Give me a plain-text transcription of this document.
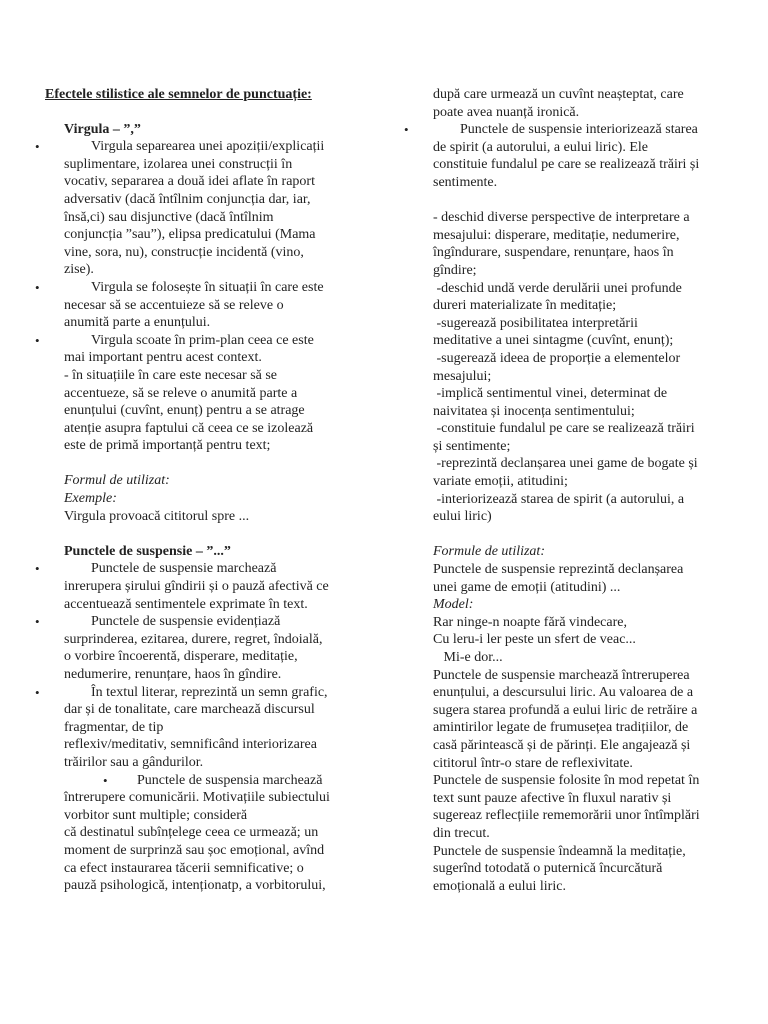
Efectele stilistice ale semnelor de punctuație:

Virgula – ”,”

• Virgula separearea unei apoziții/explicații
suplimentare, izolarea unei construcții în
vocativ, separarea a două idei aflate în raport
adversativ (dacă întîlnim conjuncția dar, iar,
însă,ci) sau disjunctive (dacă întîlnim
conjuncția ”sau”), elipsa predicatului (Mama
vine, sora, nu), construcție incidentă (vino,
zise).
• Virgula se folosește în situații în care este
necesar să se accentuieze să se releve o
anumită parte a enunțului.
• Virgula scoate în prim-plan ceea ce este
mai important pentru acest context.
- în situațiile în care este necesar să se
accentueze, să se releve o anumită parte a
enunțului (cuvînt, enunț) pentru a se atrage
atenție asupra faptului că ceea ce se izolează
este de primă importanță pentru text;

Formul de utilizat:

Exemple:

Virgula provoacă cititorul spre ...

Punctele de suspensie – ”...”

• Punctele de suspensie marchează
inrerupera șirului gîndirii și o pauză afectivă ce
accentuează sentimentele exprimate în text.
• Punctele de suspensie evidențiază
surprinderea, ezitarea, durere, regret, îndoială,
o vorbire încoerentă, disperare, meditație,
nedumerire, renunțare, haos în gîndire.
• În textul literar, reprezintă un semn grafic,
dar și de tonalitate, care marchează discursul
fragmentar, de tip
reflexiv/meditativ, semnificând interiorizarea
trăirilor sau a gândurilor.
• Punctele de suspensia marchează
întrerupere comunicării. Motivațiile subiectului
vorbitor sunt multiple; consideră
că destinatul subînțelege ceea ce urmează; un
moment de surprinză sau șoc emoțional, avînd
ca efect instaurarea tăcerii semnificative; o
pauză psihologică, intenționatp, a vorbitorului,
după care urmează un cuvînt neașteptat, care
poate avea nuanță ironică.
• Punctele de suspensie interiorizează starea
de spirit (a autorului, a eului liric). Ele
constituie fundalul pe care se realizează trăiri și
sentimente.
- deschid diverse perspective de interpretare a
mesajului: disperare, meditație, nedumerire,
îngîndurare, suspendare, renunțare, haos în
gîndire;
-deschid undă verde derulării unei profunde
dureri materializate în meditație;
-sugerează posibilitatea interpretării
meditative a unei sintagme (cuvînt, enunț);
-sugerează ideea de proporție a elementelor
mesajului;
-implică sentimentul vinei, determinat de
naivitatea și inocența sentimentului;
-constituie fundalul pe care se realizează trăiri
și sentimente;
-reprezintă declanșarea unei game de bogate și
variate emoții, atitudini;
-interiorizează starea de spirit (a autorului, a
eului liric)

Formule de utilizat:

Punctele de suspensie reprezintă declanșarea
unei game de emoții (atitudini) ...

Model:

Rar ninge-n noapte fără vindecare,
Cu leru-i ler peste un sfert de veac...
Mi-e dor...
Punctele de suspensie marchează întreruperea
enunțului, a descursului liric. Au valoarea de a
sugera starea profundă a eului liric de retrăire a
amintirilor legate de frumusețea tradițiilor, de
casă părintească și de părinți. Ele angajează și
cititorul într-o stare de reflexivitate.
Punctele de suspensie folosite în mod repetat în
text sunt pauze afective în fluxul narativ și
sugereaz reflecțiile rememorării unor întîmplări
din trecut.
Punctele de suspensie îndeamnă la meditație,
sugerînd totodată o puternică încurcătură
emoțională a eului liric.
